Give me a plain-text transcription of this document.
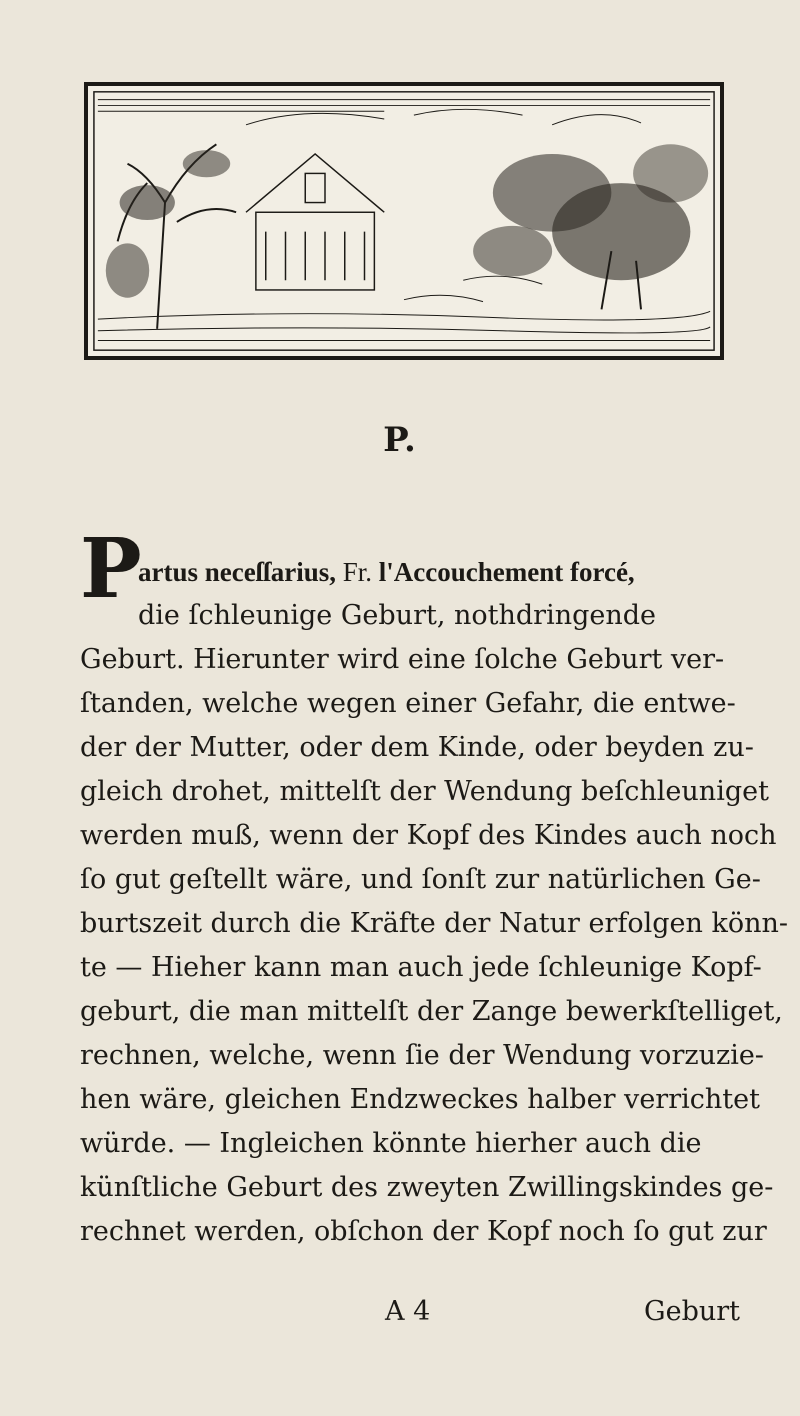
P.
P
artus neceſſarius, Fr. l'Accouchement forcé,
die ſchleunige Geburt, nothdringende
Geburt. Hierunter wird eine ſolche Geburt ver-
ſtanden, welche wegen einer Gefahr, die entwe-
der der Mutter, oder dem Kinde, oder beyden zu-
gleich drohet, mittelſt der Wendung beſchleuniget
werden muß, wenn der Kopf des Kindes auch noch
ſo gut geſtellt wäre, und ſonſt zur natürlichen Ge-
burtszeit durch die Kräfte der Natur erfolgen könn-
te — Hieher kann man auch jede ſchleunige Kopf-
geburt, die man mittelſt der Zange bewerkſtelliget,
rechnen, welche, wenn ſie der Wendung vorzuzie-
hen wäre, gleichen Endzweckes halber verrichtet
würde. — Ingleichen könnte hierher auch die
künſtliche Geburt des zweyten Zwillingskindes ge-
rechnet werden, obſchon der Kopf noch ſo gut zur
A 4	Geburt
